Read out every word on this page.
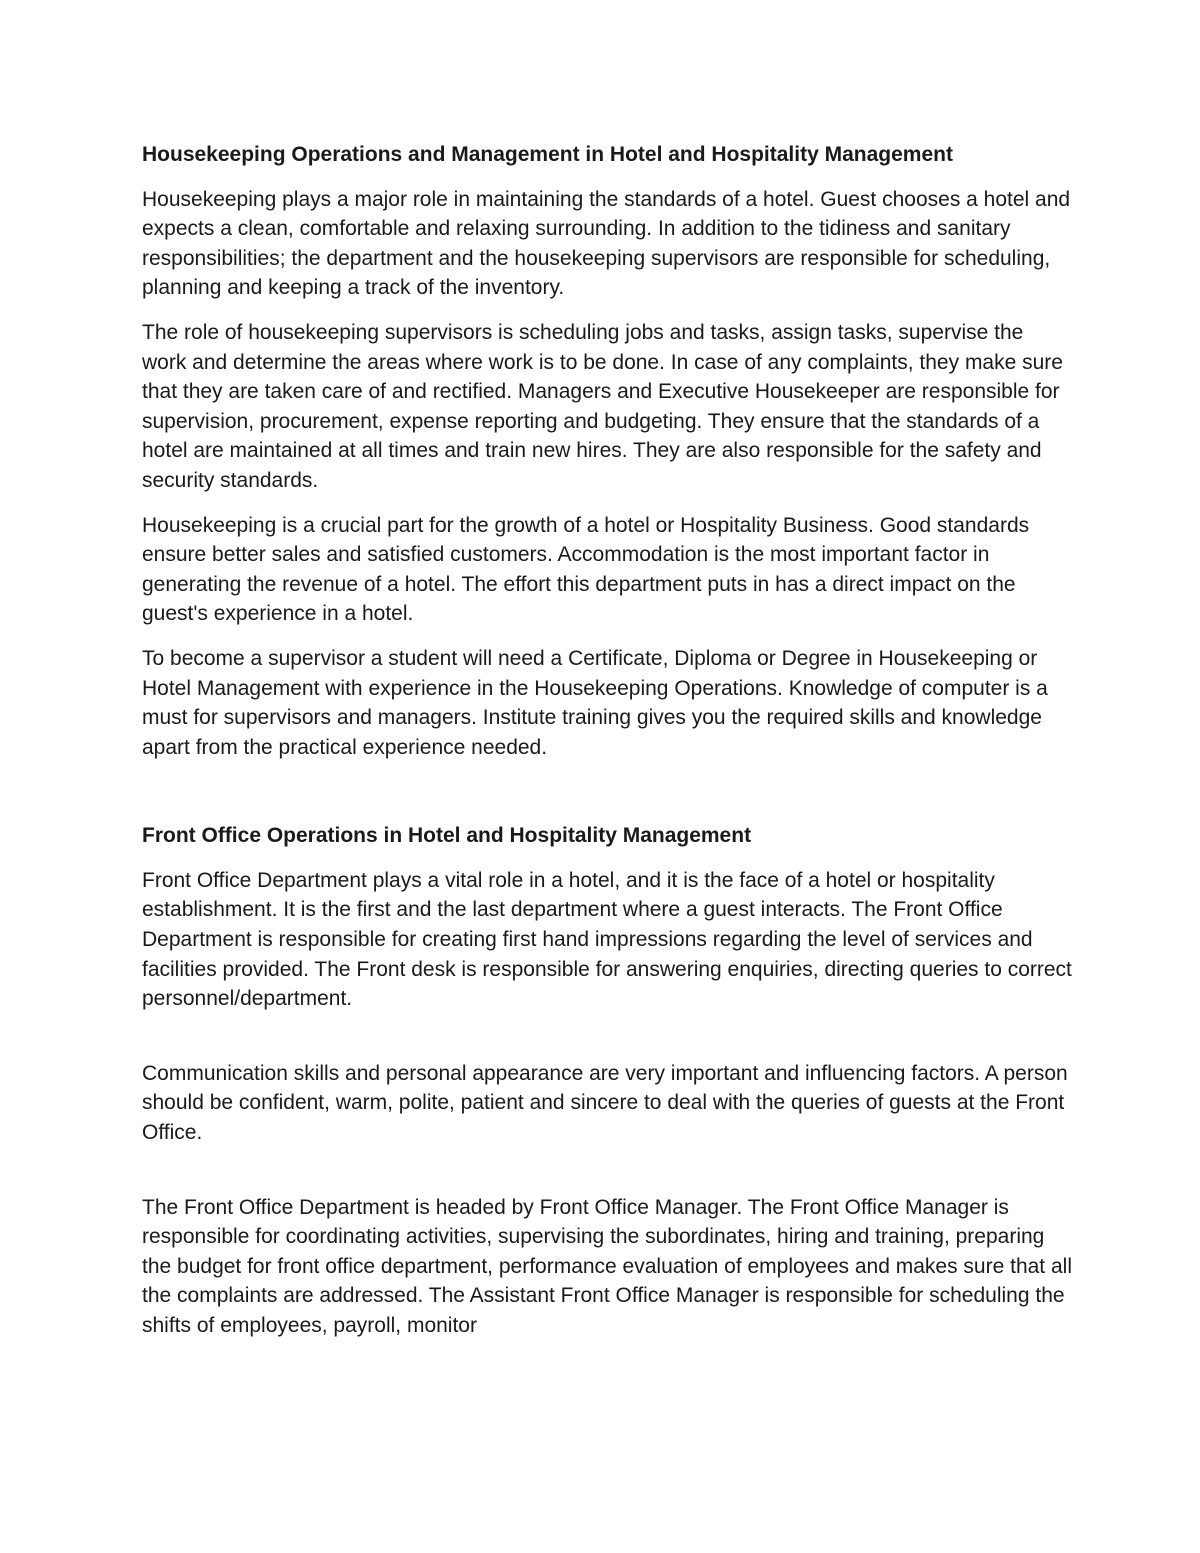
Housekeeping Operations and Management in Hotel and Hospitality Management

Housekeeping plays a major role in maintaining the standards of a hotel. Guest chooses a hotel and expects a clean, comfortable and relaxing surrounding. In addition to the tidiness and sanitary responsibilities; the department and the housekeeping supervisors are responsible for scheduling, planning and keeping a track of the inventory.

The role of housekeeping supervisors is scheduling jobs and tasks, assign tasks, supervise the work and determine the areas where work is to be done. In case of any complaints, they make sure that they are taken care of and rectified. Managers and Executive Housekeeper are responsible for supervision, procurement, expense reporting and budgeting. They ensure that the standards of a hotel are maintained at all times and train new hires. They are also responsible for the safety and security standards.

Housekeeping is a crucial part for the growth of a hotel or Hospitality Business. Good standards ensure better sales and satisfied customers. Accommodation is the most important factor in generating the revenue of a hotel. The effort this department puts in has a direct impact on the guest's experience in a hotel.

To become a supervisor a student will need a Certificate, Diploma or Degree in Housekeeping or Hotel Management with experience in the Housekeeping Operations. Knowledge of computer is a must for supervisors and managers. Institute training gives you the required skills and knowledge apart from the practical experience needed.

Front Office Operations in Hotel and Hospitality Management

Front Office Department plays a vital role in a hotel, and it is the face of a hotel or hospitality establishment. It is the first and the last department where a guest interacts. The Front Office Department is responsible for creating first hand impressions regarding the level of services and facilities provided. The Front desk is responsible for answering enquiries, directing queries to correct personnel/department.

Communication skills and personal appearance are very important and influencing factors. A person should be confident, warm, polite, patient and sincere to deal with the queries of guests at the Front Office.

The Front Office Department is headed by Front Office Manager. The Front Office Manager is responsible for coordinating activities, supervising the subordinates, hiring and training, preparing the budget for front office department, performance evaluation of employees and makes sure that all the complaints are addressed. The Assistant Front Office Manager is responsible for scheduling the shifts of employees, payroll, monitor
